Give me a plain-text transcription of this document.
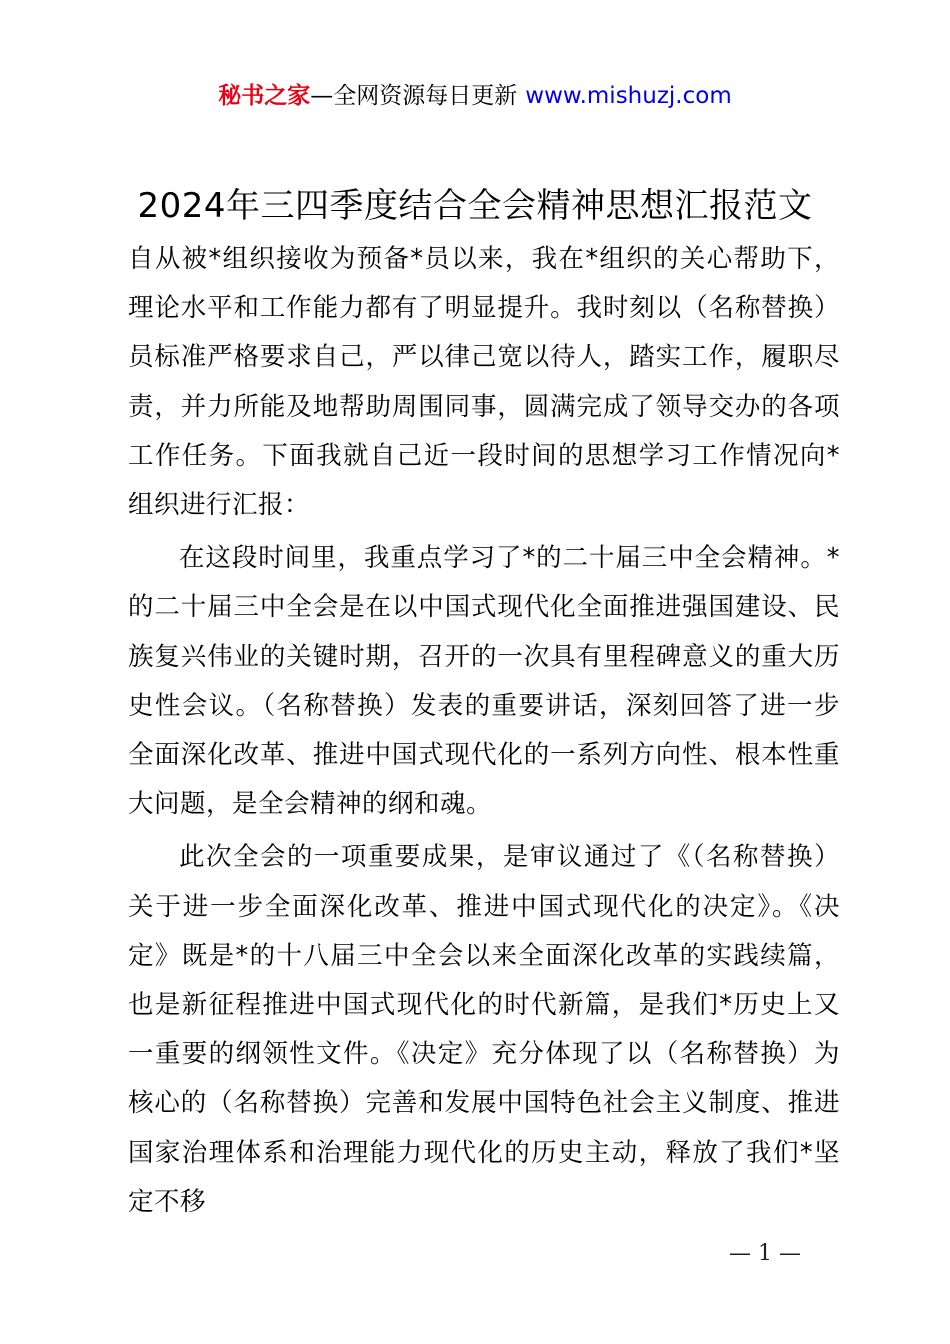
秘书之家—全网资源每日更新 www.mishuzj.com
2024年三四季度结合全会精神思想汇报范文

自从被*组织接收为预备*员以来，我在*组织的关心帮助下，理论水平和工作能力都有了明显提升。我时刻以（名称替换）员标准严格要求自己，严以律己宽以待人，踏实工作，履职尽责，并力所能及地帮助周围同事，圆满完成了领导交办的各项工作任务。下面我就自己近一段时间的思想学习工作情况向*组织进行汇报：

在这段时间里，我重点学习了*的二十届三中全会精神。*的二十届三中全会是在以中国式现代化全面推进强国建设、民族复兴伟业的关键时期，召开的一次具有里程碑意义的重大历史性会议。（名称替换）发表的重要讲话，深刻回答了进一步全面深化改革、推进中国式现代化的一系列方向性、根本性重大问题，是全会精神的纲和魂。

此次全会的一项重要成果，是审议通过了《（名称替换）关于进一步全面深化改革、推进中国式现代化的决定》。《决定》既是*的十八届三中全会以来全面深化改革的实践续篇，也是新征程推进中国式现代化的时代新篇，是我们*历史上又一重要的纲领性文件。《决定》充分体现了以（名称替换）为核心的（名称替换）完善和发展中国特色社会主义制度、推进国家治理体系和治理能力现代化的历史主动，释放了我们*坚定不移

— 1 —
